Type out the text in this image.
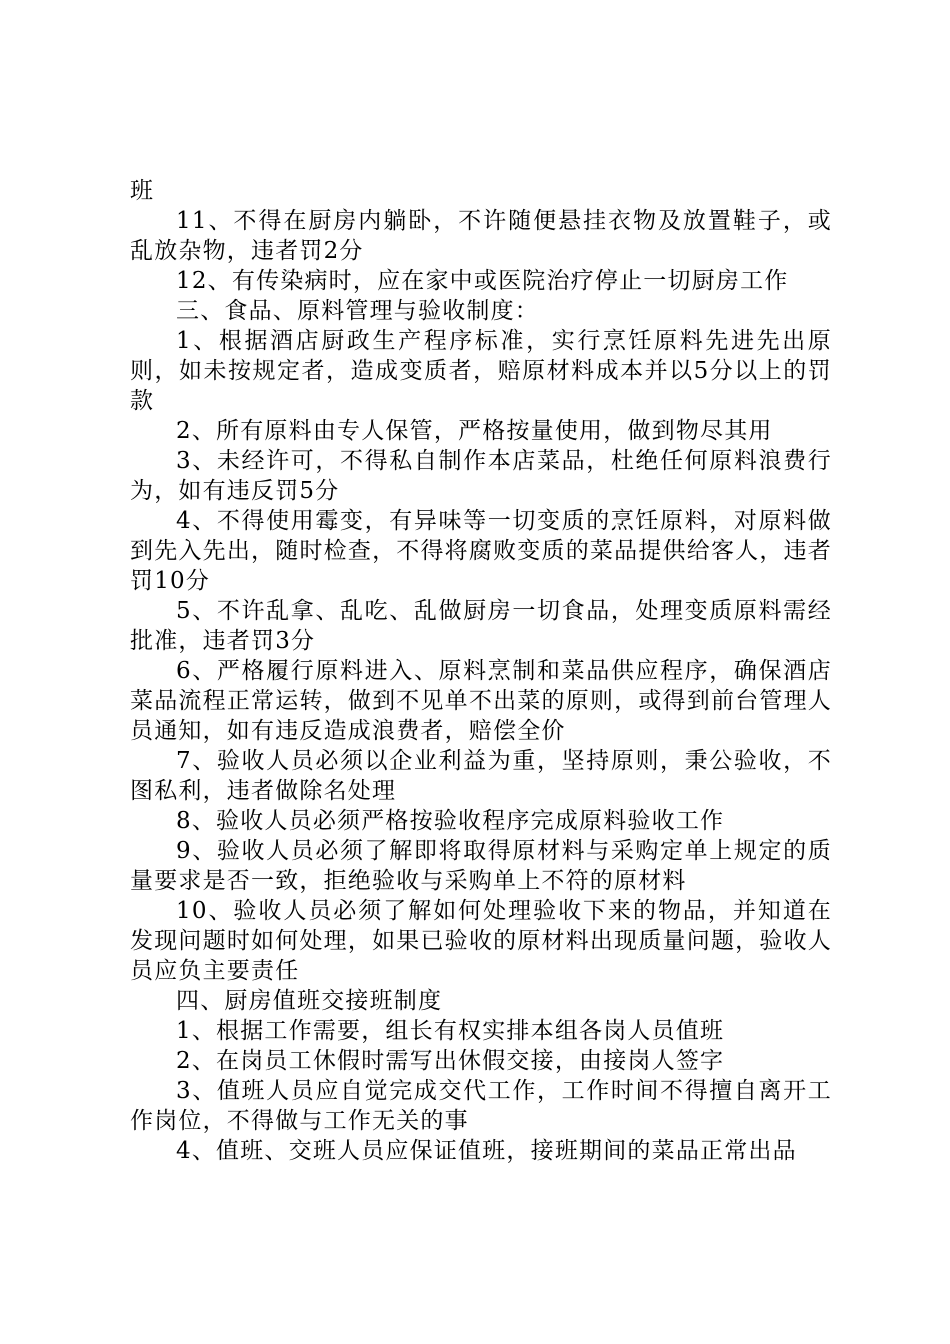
班

11、不得在厨房内躺卧，不许随便悬挂衣物及放置鞋子，或乱放杂物，违者罚2分

12、有传染病时，应在家中或医院治疗停止一切厨房工作

三、食品、原料管理与验收制度：

1、根据酒店厨政生产程序标准，实行烹饪原料先进先出原则，如未按规定者，造成变质者，赔原材料成本并以5分以上的罚款

2、所有原料由专人保管，严格按量使用，做到物尽其用

3、未经许可，不得私自制作本店菜品，杜绝任何原料浪费行为，如有违反罚5分

4、不得使用霉变，有异味等一切变质的烹饪原料，对原料做到先入先出，随时检查，不得将腐败变质的菜品提供给客人，违者罚10分

5、不许乱拿、乱吃、乱做厨房一切食品，处理变质原料需经批准，违者罚3分

6、严格履行原料进入、原料烹制和菜品供应程序，确保酒店菜品流程正常运转，做到不见单不出菜的原则，或得到前台管理人员通知，如有违反造成浪费者，赔偿全价

7、验收人员必须以企业利益为重，坚持原则，秉公验收，不图私利，违者做除名处理

8、验收人员必须严格按验收程序完成原料验收工作

9、验收人员必须了解即将取得原材料与采购定单上规定的质量要求是否一致，拒绝验收与采购单上不符的原材料

10、验收人员必须了解如何处理验收下来的物品，并知道在发现问题时如何处理，如果已验收的原材料出现质量问题，验收人员应负主要责任

四、厨房值班交接班制度

1、根据工作需要，组长有权实排本组各岗人员值班

2、在岗员工休假时需写出休假交接，由接岗人签字

3、值班人员应自觉完成交代工作，工作时间不得擅自离开工作岗位，不得做与工作无关的事

4、值班、交班人员应保证值班，接班期间的菜品正常出品
